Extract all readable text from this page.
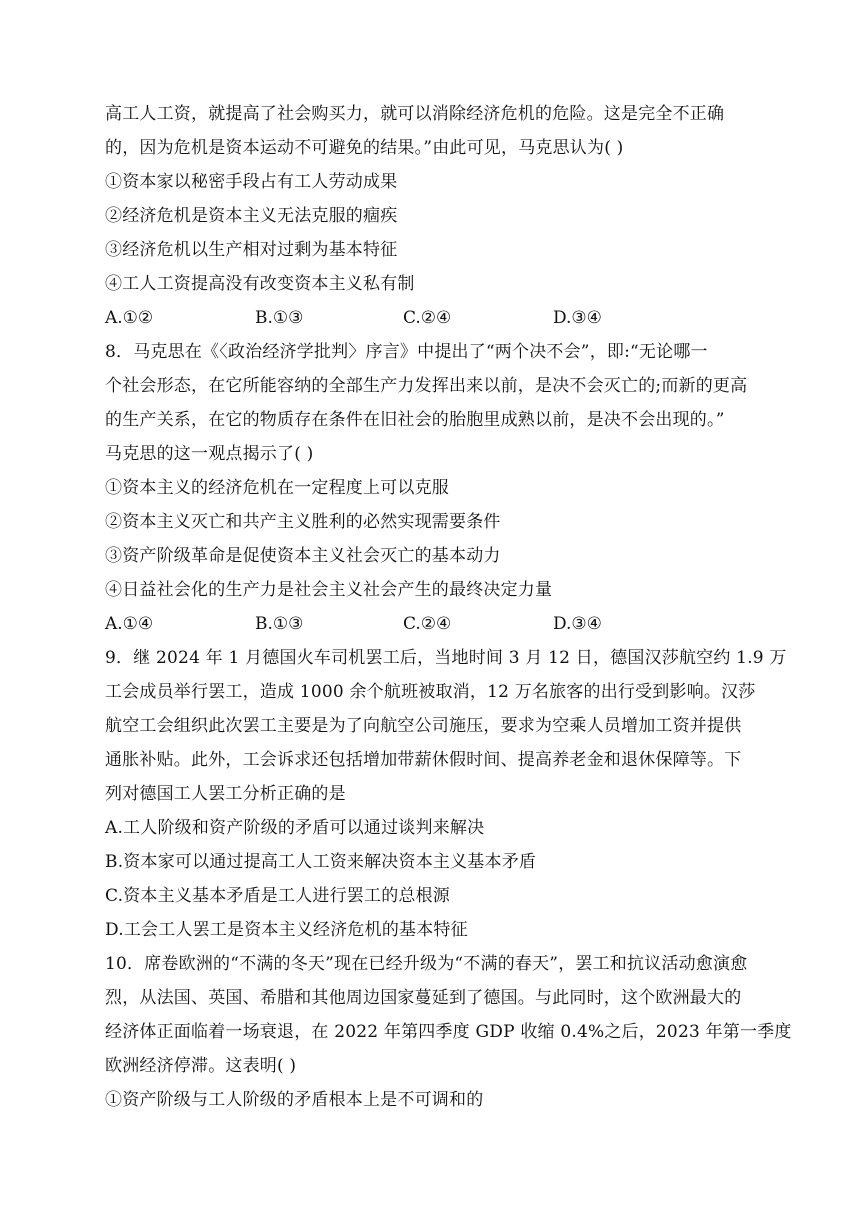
高工人工资，就提高了社会购买力，就可以消除经济危机的危险。这是完全不正确
的，因为危机是资本运动不可避免的结果。”由此可见，马克思认为( )
①资本家以秘密手段占有工人劳动成果
②经济危机是资本主义无法克服的痼疾
③经济危机以生产相对过剩为基本特征
④工人工资提高没有改变资本主义私有制
A.①②	B.①③	C.②④	D.③④
8．马克思在《〈政治经济学批判〉序言》中提出了“两个决不会”，即:“无论哪一
个社会形态，在它所能容纳的全部生产力发挥出来以前，是决不会灭亡的;而新的更高
的生产关系，在它的物质存在条件在旧社会的胎胞里成熟以前，是决不会出现的。”
马克思的这一观点揭示了( )
①资本主义的经济危机在一定程度上可以克服
②资本主义灭亡和共产主义胜利的必然实现需要条件
③资产阶级革命是促使资本主义社会灭亡的基本动力
④日益社会化的生产力是社会主义社会产生的最终决定力量
A.①④	B.①③	C.②④	D.③④
9．继 2024 年 1 月德国火车司机罢工后，当地时间 3 月 12 日，德国汉莎航空约 1.9 万
工会成员举行罢工，造成 1000 余个航班被取消，12 万名旅客的出行受到影响。汉莎
航空工会组织此次罢工主要是为了向航空公司施压，要求为空乘人员增加工资并提供
通胀补贴。此外，工会诉求还包括增加带薪休假时间、提高养老金和退休保障等。下
列对德国工人罢工分析正确的是
A.工人阶级和资产阶级的矛盾可以通过谈判来解决
B.资本家可以通过提高工人工资来解决资本主义基本矛盾
C.资本主义基本矛盾是工人进行罢工的总根源
D.工会工人罢工是资本主义经济危机的基本特征
10．席卷欧洲的“不满的冬天”现在已经升级为“不满的春天”，罢工和抗议活动愈演愈
烈，从法国、英国、希腊和其他周边国家蔓延到了德国。与此同时，这个欧洲最大的
经济体正面临着一场衰退，在 2022 年第四季度 GDP 收缩 0.4%之后，2023 年第一季度
欧洲经济停滞。这表明( )
①资产阶级与工人阶级的矛盾根本上是不可调和的
